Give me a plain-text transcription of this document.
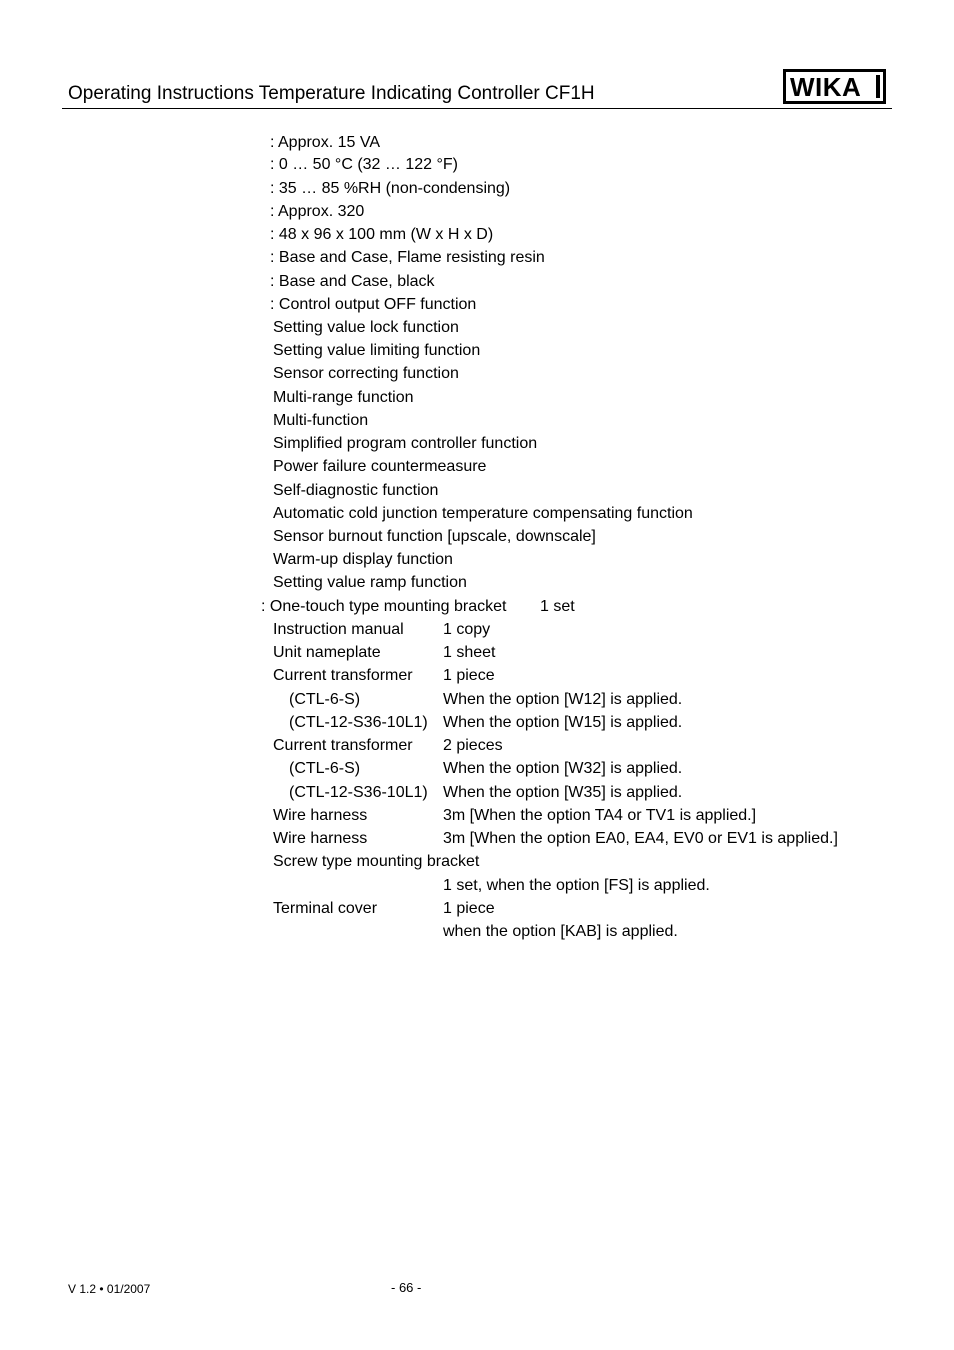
Operating Instructions Temperature Indicating Controller CF1H	WIKA
: Approx. 15 VA
: 0 … 50 °C (32 … 122 °F)
: 35 … 85 %RH (non-condensing)
: Approx. 320
: 48 x 96 x 100 mm (W x H x D)
: Base and Case, Flame resisting resin
: Base and Case, black
: Control output OFF function
Setting value lock function
Setting value limiting function
Sensor correcting function
Multi-range function
Multi-function
Simplified program controller function
Power failure countermeasure
Self-diagnostic function
Automatic cold junction temperature compensating function
Sensor burnout function [upscale, downscale]
Warm-up display function
Setting value ramp function
: One-touch type mounting bracket 1 set
Instruction manual 1 copy
Unit nameplate	1 sheet
Current transformer 1 piece
(CTL-6-S)	When the option [W12] is applied.
(CTL-12-S36-10L1) When the option [W15] is applied.
Current transformer 2 pieces
(CTL-6-S)	When the option [W32] is applied.
(CTL-12-S36-10L1) When the option [W35] is applied.
Wire harness	3m [When the option TA4 or TV1 is applied.]
Wire harness	3m [When the option EA0, EA4, EV0 or EV1 is applied.]
Screw type mounting bracket
1 set, when the option [FS] is applied.
Terminal cover	1 piece
when the option [KAB] is applied.
V 1.2 • 01/2007	- 66 -
